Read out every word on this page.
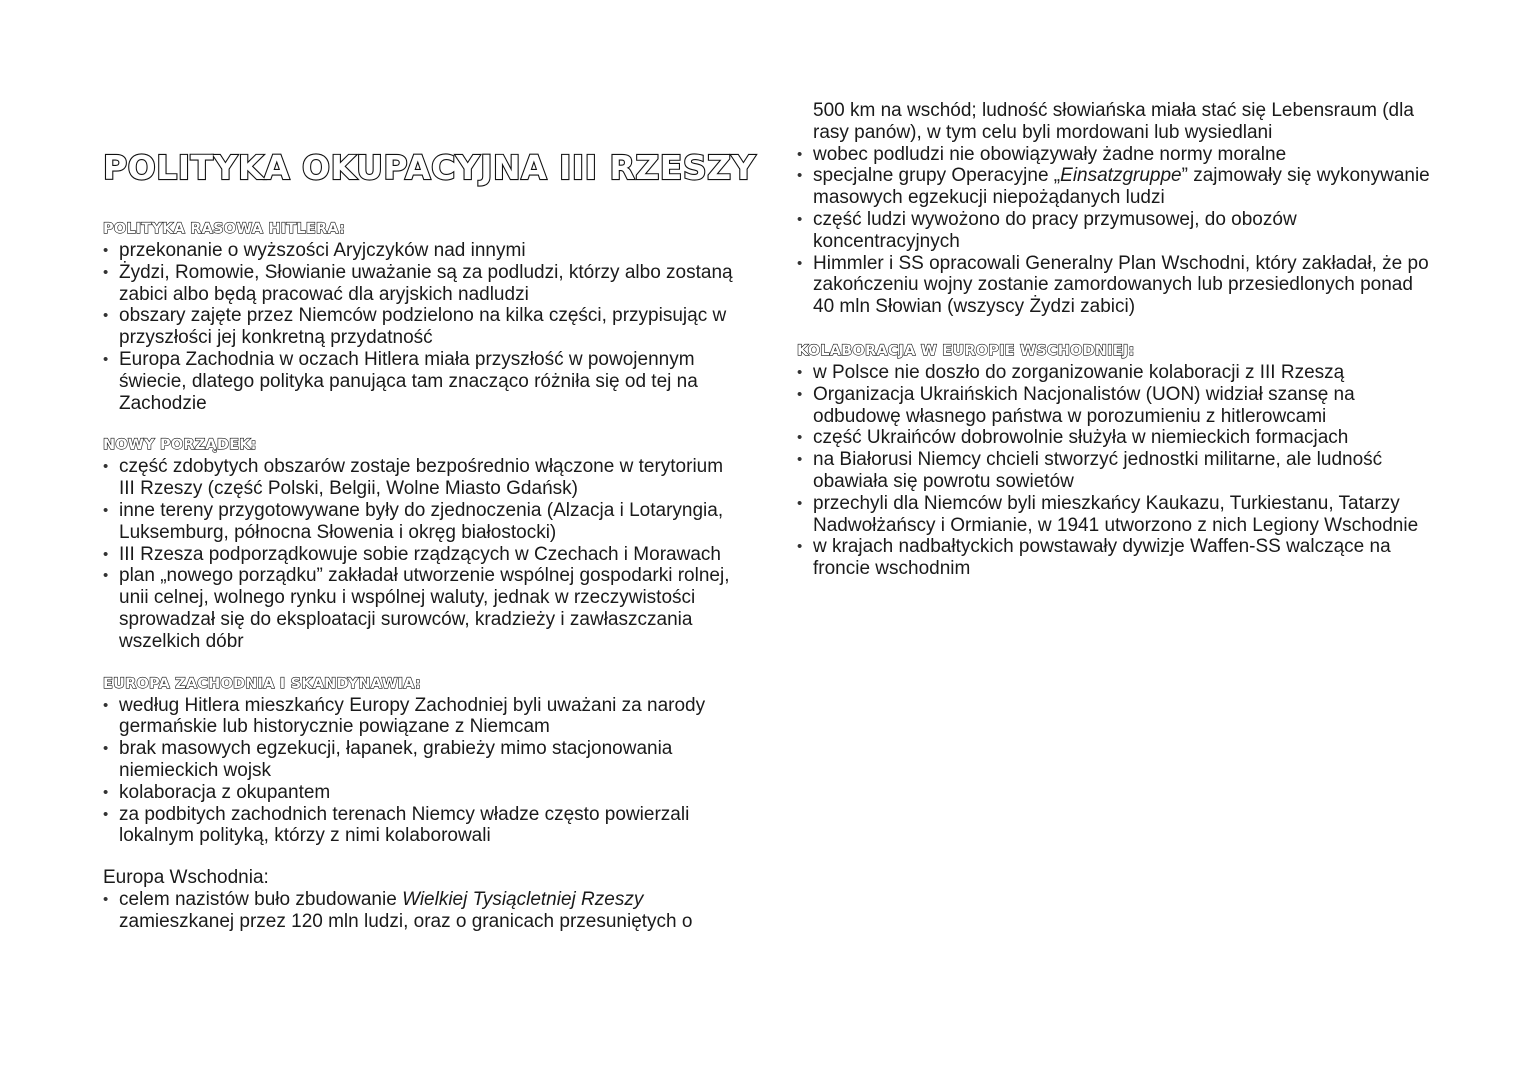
POLITYKA OKUPACYJNA III RZESZY
POLITYKA RASOWA HITLERA:
• przekonanie o wyższości Aryjczyków nad innymi
• Żydzi, Romowie, Słowianie uważanie są za podludzi, którzy albo zostaną zabici albo będą pracować dla aryjskich nadludzi
• obszary zajęte przez Niemców podzielono na kilka części, przypisując w przyszłości jej konkretną przydatność
• Europa Zachodnia w oczach Hitlera miała przyszłość w powojennym świecie, dlatego polityka panująca tam znacząco różniła się od tej na Zachodzie
NOWY PORZĄDEK:
• część zdobytych obszarów zostaje bezpośrednio włączone w terytorium III Rzeszy (część Polski, Belgii, Wolne Miasto Gdańsk)
• inne tereny przygotowywane były do zjednoczenia (Alzacja i Lotaryngia, Luksemburg, północna Słowenia i okręg białostocki)
• III Rzesza podporządkowuje sobie rządzących w Czechach i Morawach
• plan „nowego porządku” zakładał utworzenie wspólnej gospodarki rolnej, unii celnej, wolnego rynku i wspólnej waluty, jednak w rzeczywistości sprowadzał się do eksploatacji surowców, kradzieży i zawłaszczania wszelkich dóbr
EUROPA ZACHODNIA I SKANDYNAWIA:
• według Hitlera mieszkańcy Europy Zachodniej byli uważani za narody germańskie lub historycznie powiązane z Niemcam
• brak masowych egzekucji, łapanek, grabieży mimo stacjonowania niemieckich wojsk
• kolaboracja z okupantem
• za podbitych zachodnich terenach Niemcy władze często powierzali lokalnym polityką, którzy z nimi kolaborowali

Europa Wschodnia:

• celem nazistów buło zbudowanie Wielkiej Tysiącletniej Rzeszy zamieszkanej przez 120 mln ludzi, oraz o granicach przesuniętych o
500 km na wschód; ludność słowiańska miała stać się Lebensraum (dla rasy panów), w tym celu byli mordowani lub wysiedlani
• wobec podludzi nie obowiązywały żadne normy moralne
• specjalne grupy Operacyjne „Einsatzgruppe” zajmowały się wykonywanie masowych egzekucji niepożądanych ludzi
• część ludzi wywożono do pracy przymusowej, do obozów koncentracyjnych
• Himmler i SS opracowali Generalny Plan Wschodni, który zakładał, że po zakończeniu wojny zostanie zamordowanych lub przesiedlonych ponad 40 mln Słowian (wszyscy Żydzi zabici)
KOLABORACJA W EUROPIE WSCHODNIEJ:
• w Polsce nie doszło do zorganizowanie kolaboracji z III Rzeszą
• Organizacja Ukraińskich Nacjonalistów (UON) widział szansę na odbudowę własnego państwa w porozumieniu z hitlerowcami
• część Ukraińców dobrowolnie służyła w niemieckich formacjach
• na Białorusi Niemcy chcieli stworzyć jednostki militarne, ale ludność obawiała się powrotu sowietów
• przechyli dla Niemców byli mieszkańcy Kaukazu, Turkiestanu, Tatarzy Nadwołżańscy i Ormianie, w 1941 utworzono z nich Legiony Wschodnie
• w krajach nadbałtyckich powstawały dywizje Waffen-SS walczące na froncie wschodnim
